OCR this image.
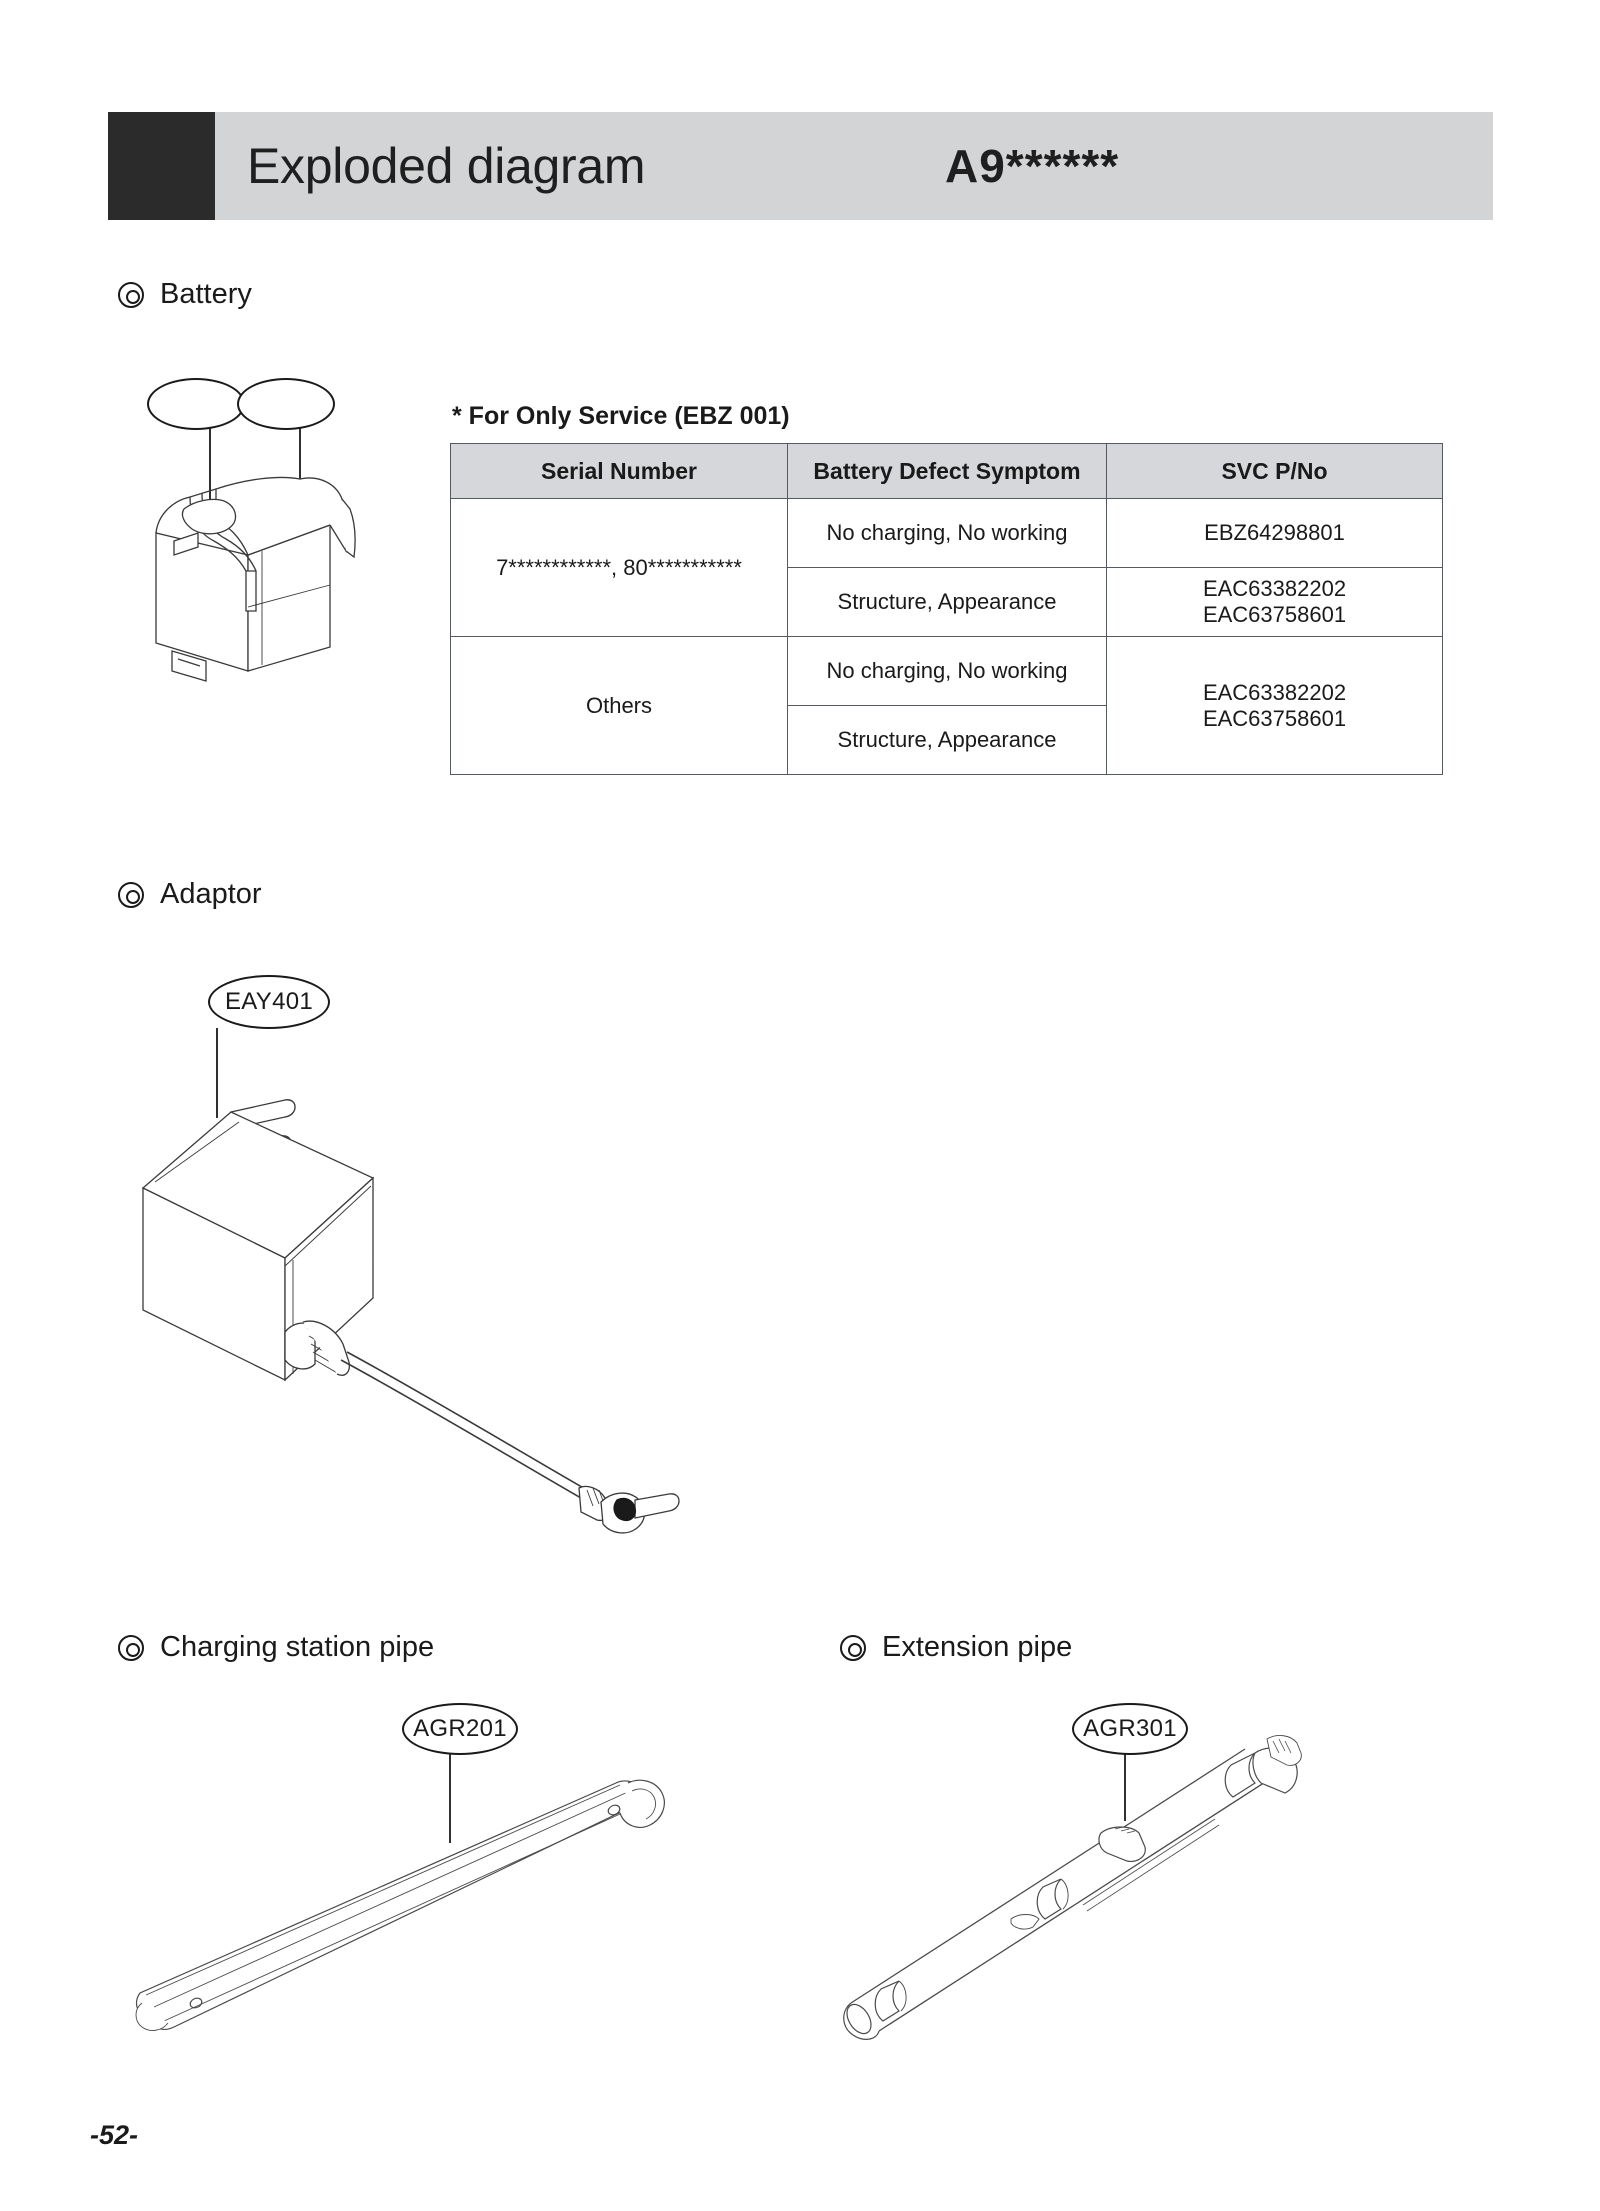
Exploded diagram	A9******
Battery
* For Only Service (EBZ 001)
Serial Number	Battery Defect Symptom	SVC P/No
7************, 80***********	No charging, No working	EBZ64298801

	Structure, Appearance	EAC63382202
EAC63758601

Others	No charging, No working	EAC63382202
EAC63758601

	Structure, Appearance	
Adaptor
EAY401
Charging station pipe
AGR201
Extension pipe
AGR301
-52-
